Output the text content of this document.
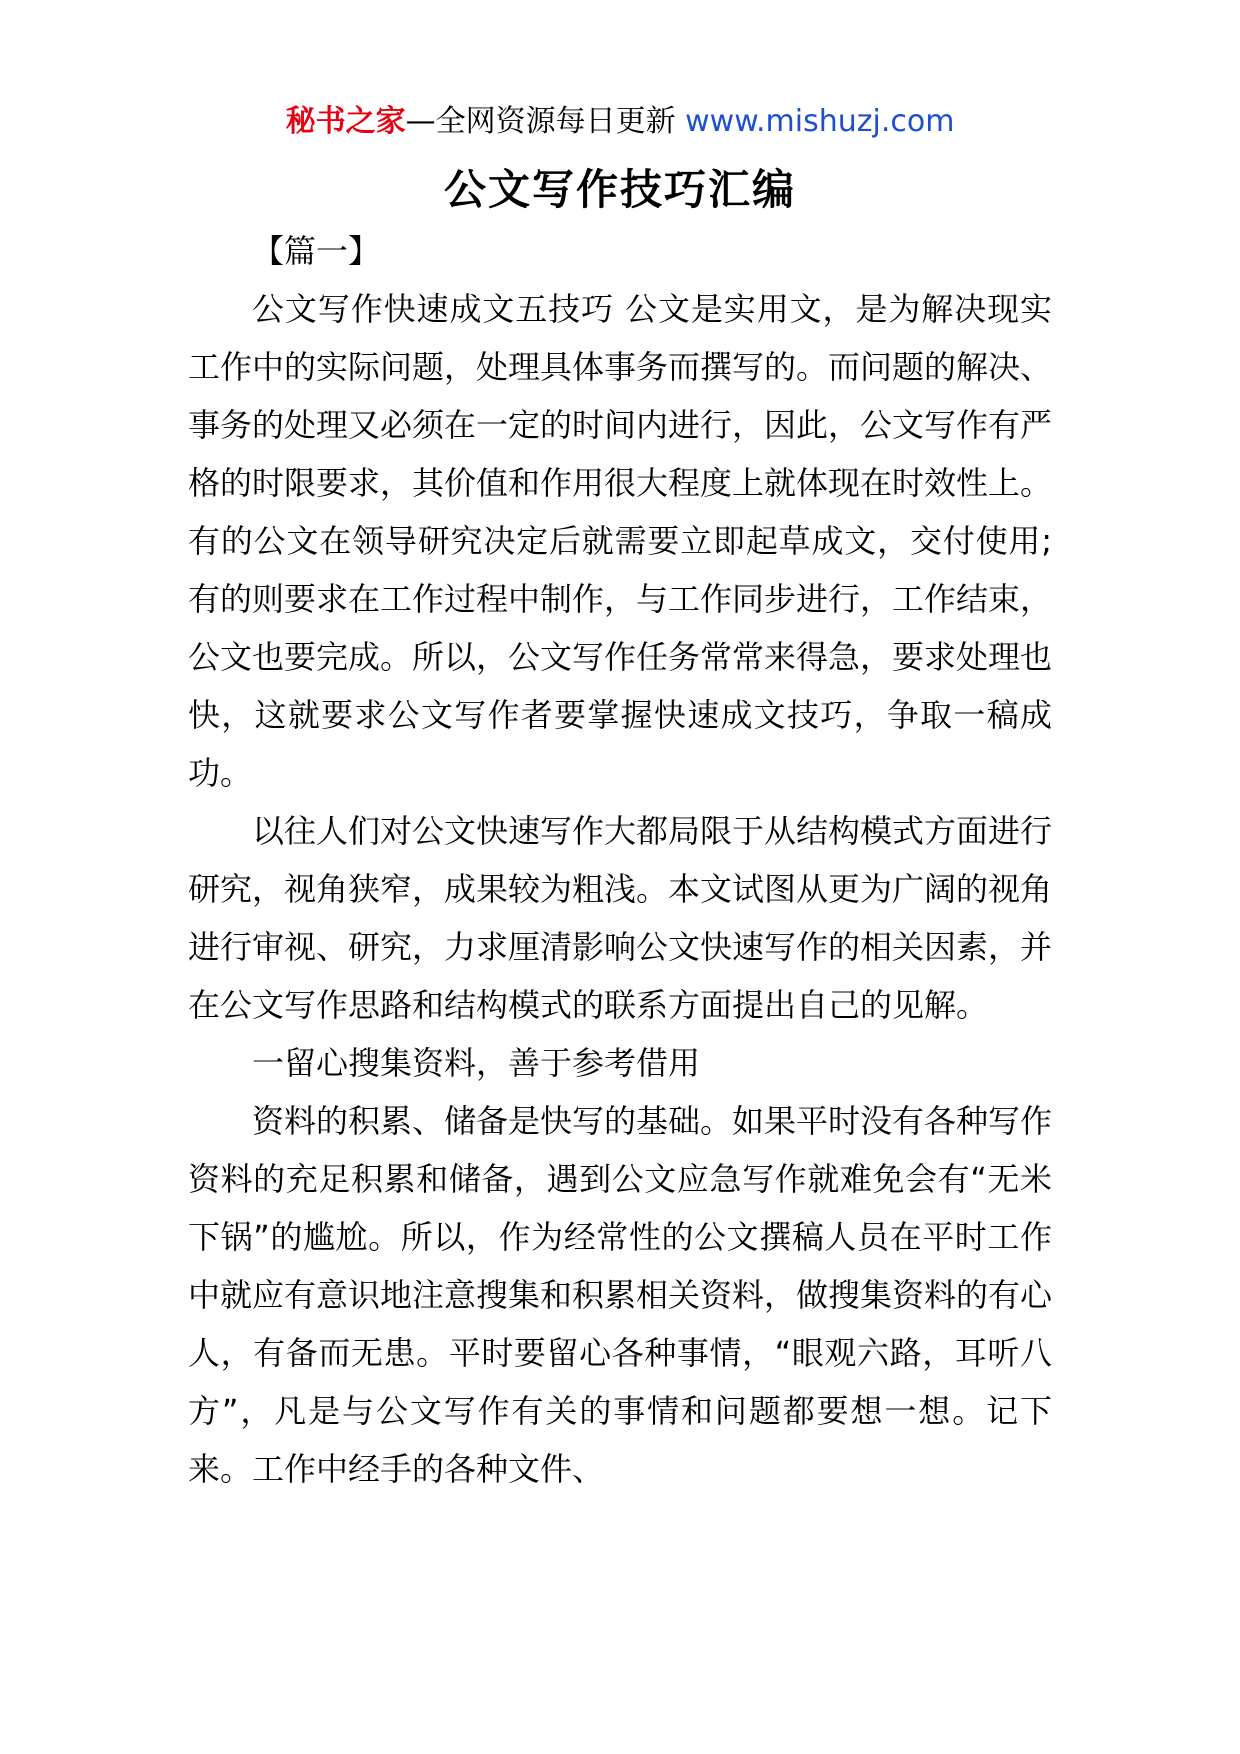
秘书之家—全网资源每日更新 www.mishuzj.com
公文写作技巧汇编

【篇一】

公文写作快速成文五技巧 公文是实用文，是为解决现实工作中的实际问题，处理具体事务而撰写的。而问题的解决、事务的处理又必须在一定的时间内进行，因此，公文写作有严格的时限要求，其价值和作用很大程度上就体现在时效性上。有的公文在领导研究决定后就需要立即起草成文，交付使用; 有的则要求在工作过程中制作，与工作同步进行，工作结束，公文也要完成。所以，公文写作任务常常来得急，要求处理也快，这就要求公文写作者要掌握快速成文技巧，争取一稿成功。

以往人们对公文快速写作大都局限于从结构模式方面进行研究，视角狭窄，成果较为粗浅。本文试图从更为广阔的视角进行审视、研究，力求厘清影响公文快速写作的相关因素，并在公文写作思路和结构模式的联系方面提出自己的见解。

一留心搜集资料，善于参考借用

资料的积累、储备是快写的基础。如果平时没有各种写作资料的充足积累和储备，遇到公文应急写作就难免会有“无米下锅”的尴尬。所以，作为经常性的公文撰稿人员在平时工作中就应有意识地注意搜集和积累相关资料，做搜集资料的有心人，有备而无患。平时要留心各种事情，“眼观六路，耳听八方”，凡是与公文写作有关的事情和问题都要想一想。记下来。工作中经手的各种文件、
